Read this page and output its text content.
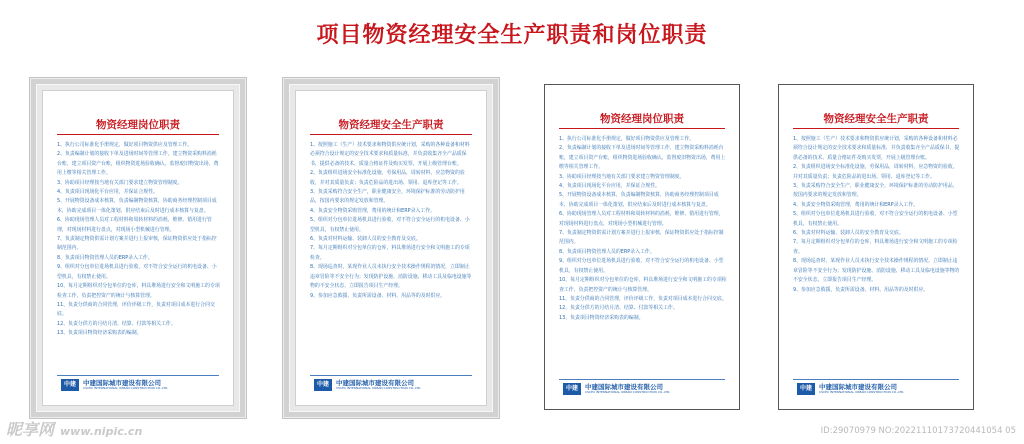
项目物资经理安全生产职责和岗位职责
物资经理岗位职责
1、执行公司标准化手册规定，做好项目物资供应及管理工作。
2、负责编制计划的接收下单及进场时间等管理工作，建立物资采购料消耗台账，建立项目资产台账，组织物资进场验收确认，监督废旧物资出场，费用上缴等相关管理工作。
3、协助项目经理按当地有关部门要求建立物资管理制度。
4、负责项目现场化平台应用，并保证合规性。
5、开展物资设备成本核算，负责编制物资核算，协助商务经理控制项目成本，协助完成项目一体化策划，供应结束后及时进行成本核算与复盘。
6、协助现场管理人员对工程材料和周转材料的消耗，维修、错用进行管理，对现场材料进行盘点，对现场小型机械进行管理。
7、负责制定物资供需计划方案并进行上报审核，保证物资供应处于指标控制范围内。
8、负责项目物资管理人员的ERP录入工作。
9、组织对分包单位进场机具进行验收，对不符合安全运行的机电设备、小型机具，有权禁止使用。
10、每月定期组织对分包单位的仓库，料具堆场进行安全和文明施工的专项检查工作，负责把控资产的统计与核算管理。
11、负责分供商的合同管理，评价评级工作，负责对项目成本进行合同交底。
12、负责分供方的月结月清、结算、付款等相关工作。
13、负责项目物资经济采购表的编制。
中建	中建国际城市建设有限公司
CSCEC INTERNATIONAL URBAN CONSTRUCTION CO.,LTD.
物资经理安全生产职责
1、按照施工（生产）技术要求和物资供应统计划，采购的各种设备和材料必须符合设计规定的安全技术要求和质量标准，并负责收集齐全产品质保书，提供必备的技术、质量合格证件及购买发票，开展上级管理台账。
2、负责组织进场安全标准化设施，劳保用品，周转材料，应急物资的验收，并对其质量负责；负责危险品的进出场、领用、退库登记等工作。
3、负责采购符合安全生产，职业健康安全，环境保护标准的劳动防护用品，按国内要求的规定发放和管理。
4、负责安全物资采购管理，费用的统计和ERP录入工作。
5、组织对分包单位进场机具进行验收，对不符合安全运行的机电设备、小型机具，有权禁止使用。
6、负责对材料运输、装卸人员的安全教育及交底。
7、每月定期组织对分包单位的仓库，料具堆场进行安全和文明施工的专项检查。
8、现场巡查时，某现作业人员未执行安全技术操作规程的情况，立即制止违章冒险等不安全行为；发现防护设施、消防设施、移动工具及临电设施等物的不安全状态，立即报告项目生产经理。
9、参加应急救援，负责所需设备、材料、用品等的及时供应。
中建	中建国际城市建设有限公司
CSCEC INTERNATIONAL URBAN CONSTRUCTION CO.,LTD.
物资经理岗位职责
1、执行公司标准化手册规定，做好项目物资供应及管理工作。
2、负责编制计划的接收下单及进场时间等管理工作，建立物资采购料消耗台账，建立项目资产台账，组织物资进场验收确认，监督废旧物资出场，费用上缴等相关管理工作。
3、协助项目经理按当地有关部门要求建立物资管理制度。
4、负责项目现场化平台应用，并保证合规性。
5、开展物资设备成本核算，负责编制物资核算，协助商务经理控制项目成本，协助完成项目一体化策划，供应结束后及时进行成本核算与复盘。
6、协助现场管理人员对工程材料和周转材料的消耗，维修、错用进行管理，对现场材料进行盘点，对现场小型机械进行管理。
7、负责制定物资供需计划方案并进行上报审核，保证物资供应处于指标控制范围内。
8、负责项目物资管理人员的ERP录入工作。
9、组织对分包单位进场机具进行验收，对不符合安全运行的机电设备、小型机具，有权禁止使用。
10、每月定期组织对分包单位的仓库，料具堆场进行安全和文明施工的专项检查工作，负责把控资产的统计与核算管理。
11、负责分供商的合同管理，评价评级工作，负责对项目成本进行合同交底。
12、负责分供方的月结月清、结算、付款等相关工作。
13、负责项目物资经济采购表的编制。
中建	中建国际城市建设有限公司
CSCEC INTERNATIONAL URBAN CONSTRUCTION CO.,LTD.
物资经理安全生产职责
1、按照施工（生产）技术要求和物资供应统计划，采购的各种设备和材料必须符合设计规定的安全技术要求和质量标准，并负责收集齐全产品质保书，提供必备的技术、质量合格证件及购买发票，开展上级管理台账。
2、负责组织进场安全标准化设施，劳保用品，周转材料，应急物资的验收，并对其质量负责；负责危险品的进出场、领用、退库登记等工作。
3、负责采购符合安全生产，职业健康安全，环境保护标准的劳动防护用品，按国内要求的规定发放和管理。
4、负责安全物资采购管理，费用的统计和ERP录入工作。
5、组织对分包单位进场机具进行验收，对不符合安全运行的机电设备、小型机具，有权禁止使用。
6、负责对材料运输、装卸人员的安全教育及交底。
7、每月定期组织对分包单位的仓库，料具堆场进行安全和文明施工的专项检查。
8、现场巡查时，某现作业人员未执行安全技术操作规程的情况，立即制止违章冒险等不安全行为；发现防护设施、消防设施、移动工具及临电设施等物的不安全状态，立即报告项目生产经理。
9、参加应急救援，负责所需设备、材料、用品等的及时供应。
中建	中建国际城市建设有限公司
CSCEC INTERNATIONAL URBAN CONSTRUCTION CO.,LTD.
昵享网 www.nipic.cn	ID:29070979 NO:20221110173720441054 05
